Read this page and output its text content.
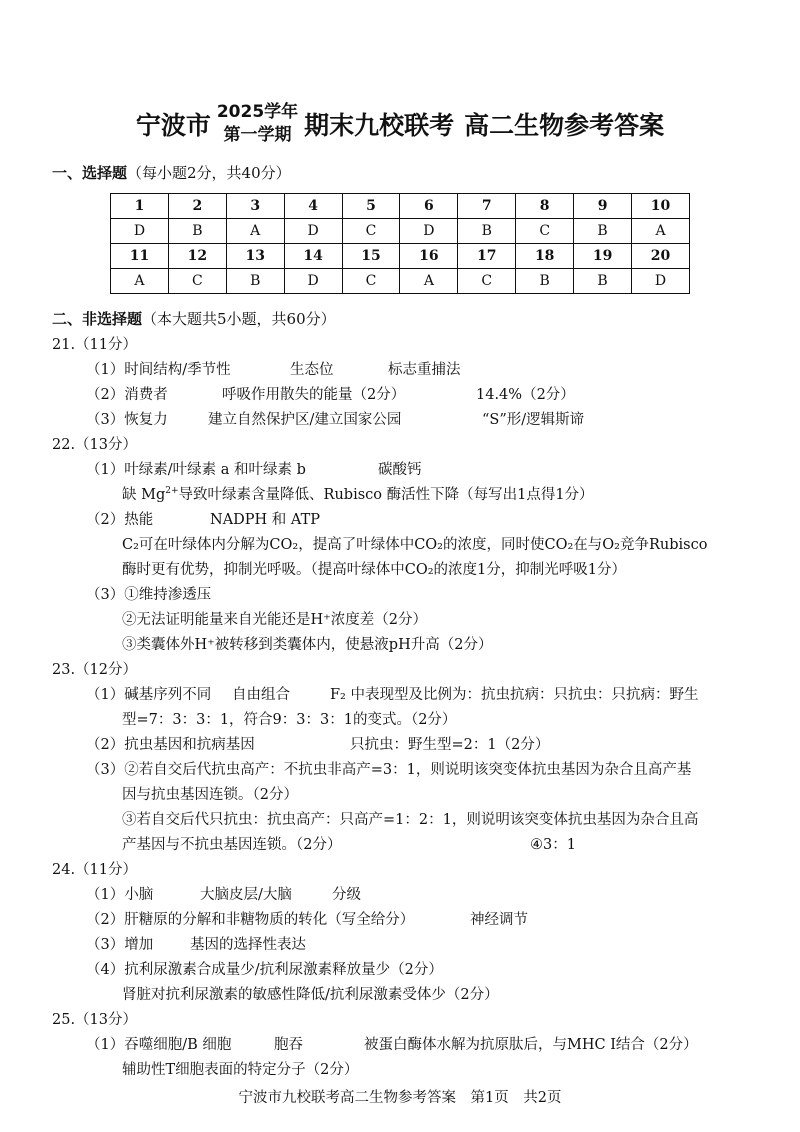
宁波市 2025学年
第一学期 期末九校联考 高二生物参考答案
一、选择题（每小题2分，共40分）
1	2	3	4	5	6	7	8	9	10
D	B	A	D	C	D	B	C	B	A
11	12	13	14	15	16	17	18	19	20
A	C	B	D	C	A	C	B	B	D
二、非选择题（本大题共5小题，共60分）
21.（11分）
（1）时间结构/季节性	生态位	标志重捕法
（2）消费者	呼吸作用散失的能量（2分）	14.4%（2分）
（3）恢复力	建立自然保护区/建立国家公园	“S”形/逻辑斯谛
22.（13分）
（1）叶绿素/叶绿素 a 和叶绿素 b	碳酸钙
缺 $Mg^{2+}$导致叶绿素含量降低、Rubisco 酶活性下降（每写出1点得1分）
（2）热能	NADPH 和 ATP
C₂可在叶绿体内分解为CO₂，提高了叶绿体中CO₂的浓度，同时使CO₂在与O₂竞争Rubisco
酶时更有优势，抑制光呼吸。（提高叶绿体中CO₂的浓度1分，抑制光呼吸1分）
（3）①维持渗透压
②无法证明能量来自光能还是H⁺浓度差（2分）
③类囊体外H⁺被转移到类囊体内，使悬液pH升高（2分）
23.（12分）
（1）碱基序列不同 自由组合	F₂ 中表现型及比例为：抗虫抗病：只抗虫：只抗病：野生
型=7：3：3：1，符合9：3：3：1的变式。（2分）
（2）抗虫基因和抗病基因	只抗虫：野生型=2：1（2分）
（3）②若自交后代抗虫高产：不抗虫非高产=3：1，则说明该突变体抗虫基因为杂合且高产基
因与抗虫基因连锁。（2分）
③若自交后代只抗虫：抗虫高产：只高产=1：2：1，则说明该突变体抗虫基因为杂合且高
产基因与不抗虫基因连锁。（2分）	④3：1
24.（11分）
（1）小脑	大脑皮层/大脑	分级
（2）肝糖原的分解和非糖物质的转化（写全给分）	神经调节
（3）增加	基因的选择性表达
（4）抗利尿激素合成量少/抗利尿激素释放量少（2分）
肾脏对抗利尿激素的敏感性降低/抗利尿激素受体少（2分）
25.（13分）
（1）吞噬细胞/B 细胞	胞吞	被蛋白酶体水解为抗原肽后，与MHC I结合（2分）
辅助性T细胞表面的特定分子（2分）
宁波市九校联考高二生物参考答案　第1页　共2页
